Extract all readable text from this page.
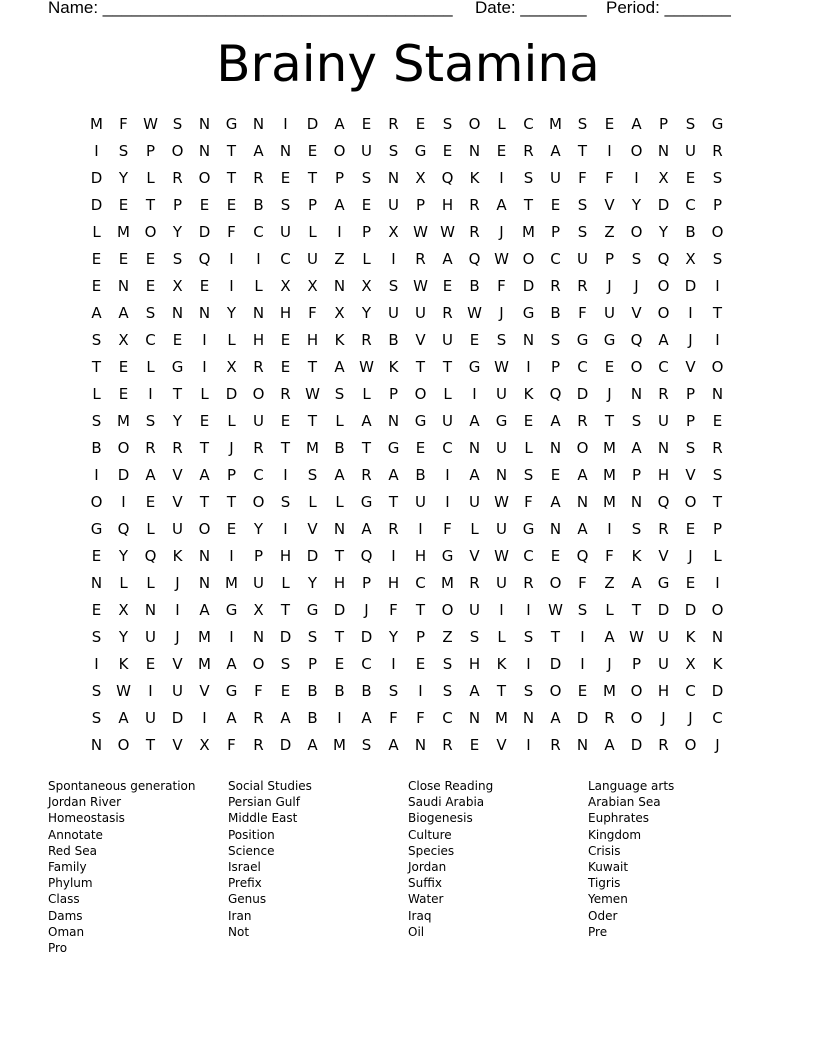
Name: _____________________________________ Date: _______ Period: _______
Brainy Stamina
M	F	W S	N	G	N	I	D	A	E	R	E	S	O	L	C	M	S	E	A	P	S	G
I	S	P	O	N	T	A	N	E	O	U	S	G	E	N	E	R	A	T	I	O	N	U	R
D	Y	L	R	O	T	R	E	T	P	S	N	X	Q	K	I	S	U	F	F	I	X	E	S
D	E	T	P	E	E	B	S	P	A	E	U	P	H	R	A	T	E	S	V	Y	D	C	P
L	M O	Y	D	F	C	U	L	I	P	X W W R	J	M	P	S	Z	O	Y	B	O
E	E	E	S	Q	I	I	C	U	Z	L	I	R	A	Q W O	C	U	P	S	Q	X	S
E	N	E	X	E	I	L	X	X	N	X	S W E	B	F	D	R	R	J	J	O	D	I
A	A	S	N	N	Y	N	H	F	X	Y	U	U	R W	J	G	B	F	U	V	O	I	T
S	X	C	E	I	L	H	E	H	K	R	B	V	U	E	S	N	S	G	G	Q	A	J	I
T	E	L	G	I	X	R	E	T	A W K	T	T	G W	I	P	C	E	O	C	V	O
L	E	I	T	L	D	O	R W S	L	P	O	L	I	U	K	Q	D	J	N	R	P	N
S	M	S	Y	E	L	U	E	T	L	A	N	G	U	A	G	E	A	R	T	S	U	P	E
B	O	R	R	T	J	R	T	M	B	T	G	E	C	N	U	L	N	O M	A	N	S	R
I	D	A	V	A	P	C	I	S	A	R	A	B	I	A	N	S	E	A	M	P	H	V	S
O	I	E	V	T	T	O	S	L	L	G	T	U	I	U W	F	A	N M N	Q	O	T
G	Q	L	U	O	E	Y	I	V	N	A	R	I	F	L	U	G	N	A	I	S	R	E	P
E	Y	Q	K	N	I	P	H	D	T	Q	I	H	G	V W C	E	Q	F	K	V	J	L
N	L	L	J	N M	U	L	Y	H	P	H	C	M	R	U	R	O	F	Z	A	G	E	I
E	X	N	I	A	G	X	T	G	D	J	F	T	O	U	I	I	W S	L	T	D	D	O
S	Y	U	J	M	I	N	D	S	T	D	Y	P	Z	S	L	S	T	I	A W U	K	N
I	K	E	V	M	A	O	S	P	E	C	I	E	S	H	K	I	D	I	J	P	U	X	K
S W	I	U	V	G	F	E	B	B	B	S	I	S	A	T	S	O	E	M O	H	C	D
S	A	U	D	I	A	R	A	B	I	A	F	F	C	N M N	A	D	R	O	J	J	C
N	O	T	V	X	F	R	D	A	M	S	A	N	R	E	V	I	R	N	A	D	R	O	J
Spontaneous generation
Jordan River
Homeostasis
Annotate
Red Sea
Family
Phylum
Class
Dams
Oman
Pro
Social Studies
Persian Gulf
Middle East
Position
Science
Israel
Prefix
Genus
Iran
Not
Close Reading
Saudi Arabia
Biogenesis
Culture
Species
Jordan
Suffix
Water
Iraq
Oil
Language arts
Arabian Sea
Euphrates
Kingdom
Crisis
Kuwait
Tigris
Yemen
Oder
Pre
